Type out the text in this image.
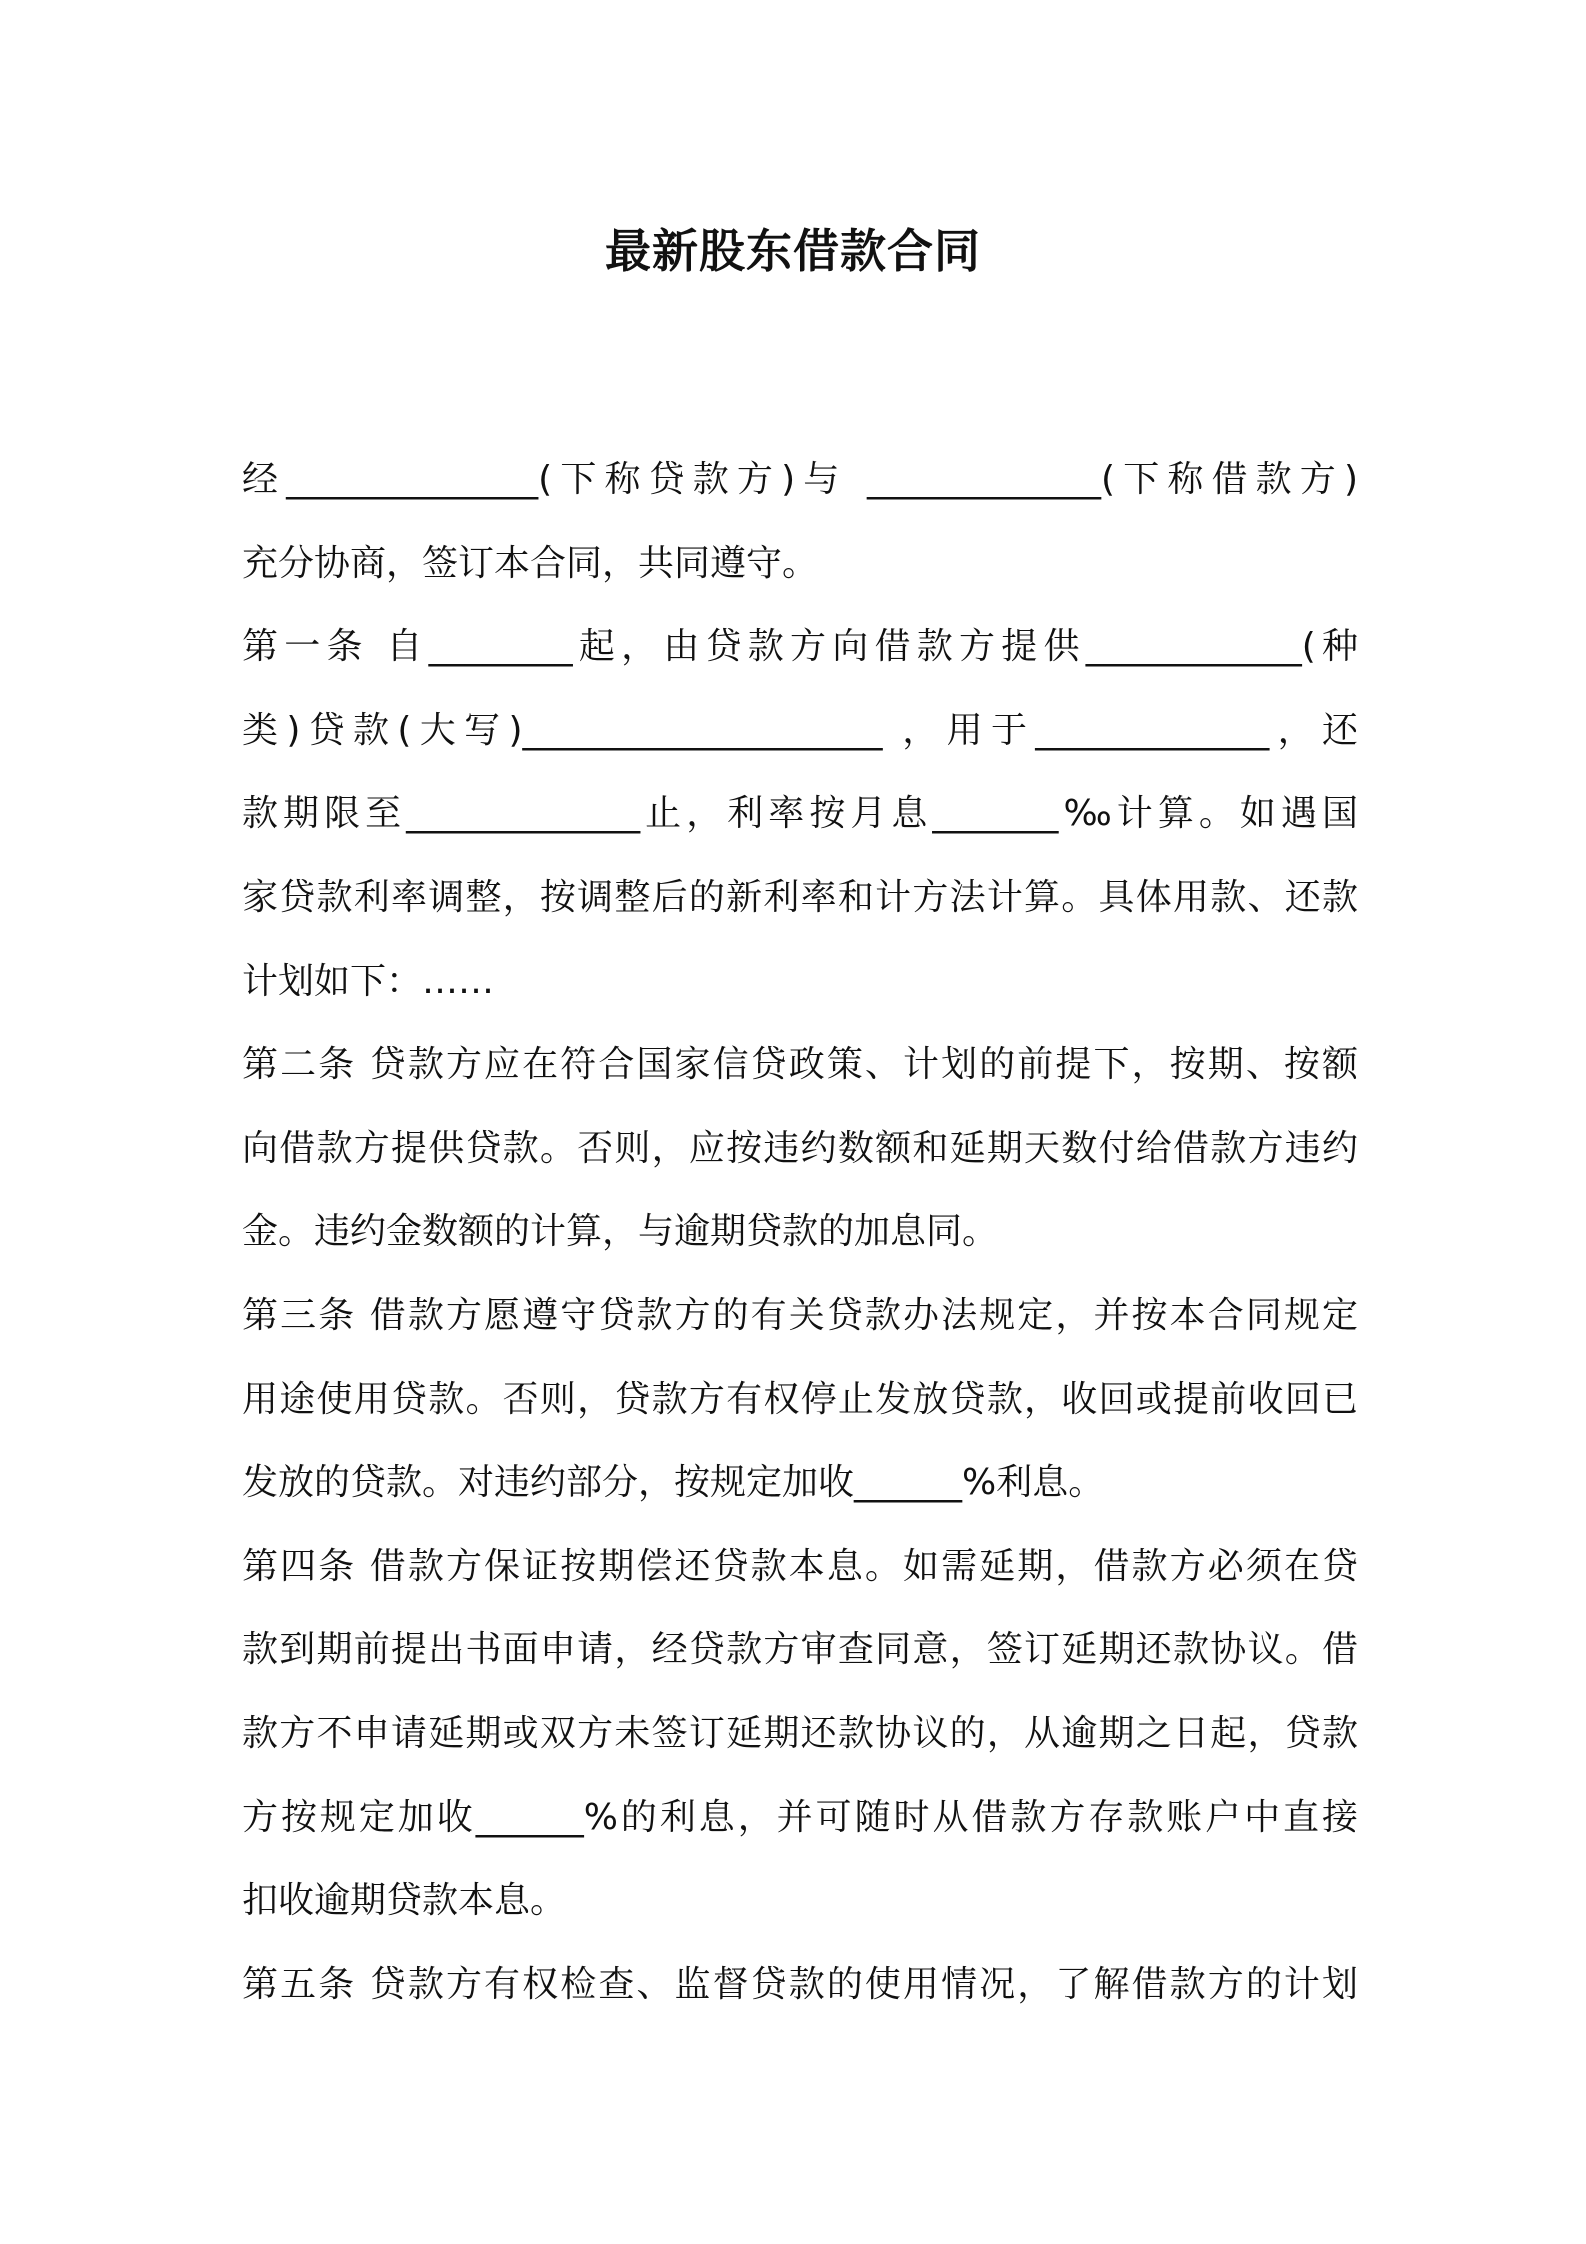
最新股东借款合同
经______________(下称贷款方)与 _____________(下称借款方)
充分协商，签订本合同，共同遵守。
第一条 自________起，由贷款方向借款方提供____________(种
类)贷款(大写)____________________ ，用于_____________，还
款期限至_____________止，利率按月息_______‰计算。如遇国
家贷款利率调整，按调整后的新利率和计方法计算。具体用款、还款
计划如下：……
第二条 贷款方应在符合国家信贷政策、计划的前提下，按期、按额
向借款方提供贷款。否则，应按违约数额和延期天数付给借款方违约
金。违约金数额的计算，与逾期贷款的加息同。
第三条 借款方愿遵守贷款方的有关贷款办法规定，并按本合同规定
用途使用贷款。否则，贷款方有权停止发放贷款，收回或提前收回已
发放的贷款。对违约部分，按规定加收______%利息。
第四条 借款方保证按期偿还贷款本息。如需延期，借款方必须在贷
款到期前提出书面申请，经贷款方审查同意，签订延期还款协议。借
款方不申请延期或双方未签订延期还款协议的，从逾期之日起，贷款
方按规定加收______%的利息，并可随时从借款方存款账户中直接
扣收逾期贷款本息。
第五条 贷款方有权检查、监督贷款的使用情况，了解借款方的计划
